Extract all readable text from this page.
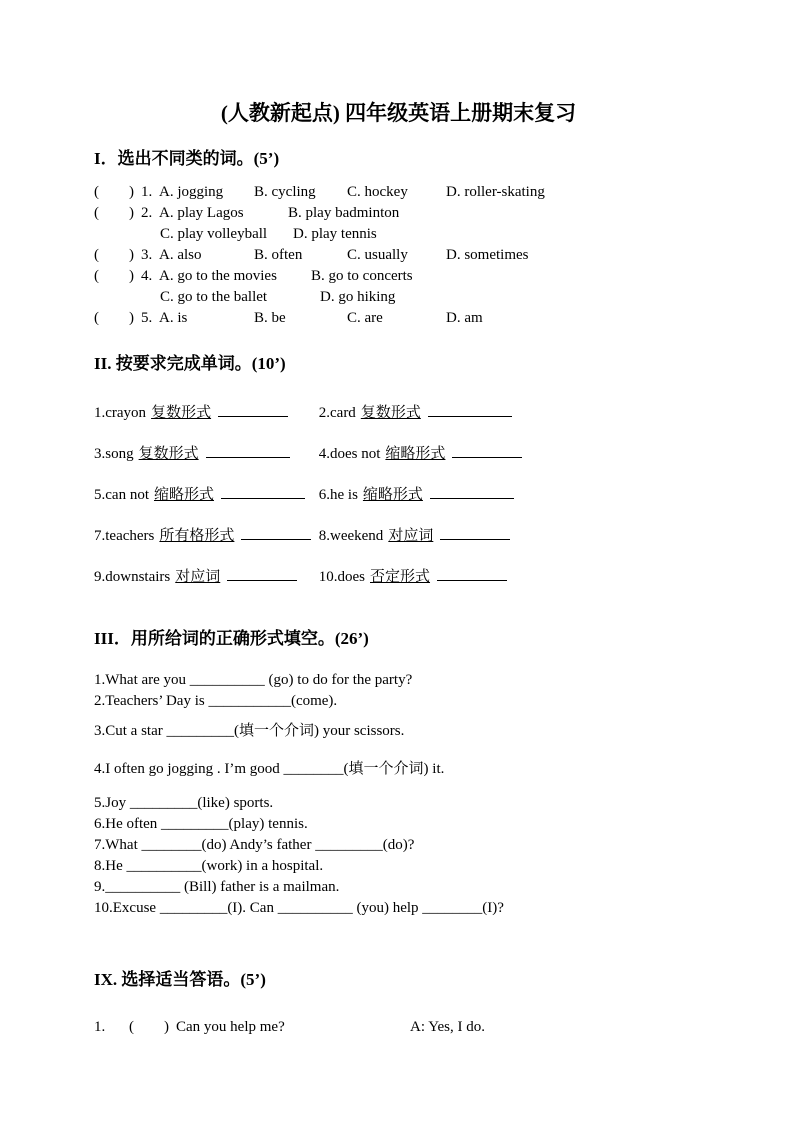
(人教新起点) 四年级英语上册期末复习
I．选出不同类的词。(5’)
(        ) 1. A. jogging	B. cycling	C. hockey	D. roller-skating
(        ) 2. A. play Lagos	B. play badminton
C. play volleyball	D. play tennis
(        ) 3. A. also	B. often	C. usually	D. sometimes
(        ) 4. A. go to the movies	B. go to concerts
C. go to the ballet	D. go hiking
(        ) 5. A. is	B. be	C. are	D. am
II. 按要求完成单词。(10’)
1.crayon 复数形式	2.card 复数形式
3.song 复数形式	4.does not 缩略形式
5.can not 缩略形式	6.he is 缩略形式
7.teachers 所有格形式	8.weekend 对应词
9.downstairs 对应词	10.does 否定形式
III．用所给词的正确形式填空。(26’)
1.What are you __________ (go) to do for the party?
2.Teachers’ Day is ___________(come).
3.Cut a star _________(填一个介词) your scissors.
4.I often go jogging . I’m good ________(填一个介词) it.
5.Joy _________(like) sports.
6.He often _________(play) tennis.
7.What ________(do) Andy’s father _________(do)?
8.He __________(work) in a hospital.
9.__________ (Bill) father is a mailman.
10.Excuse _________(I). Can __________ (you) help ________(I)?
IX. 选择适当答语。(5’)
1.	(        ) Can you help me?	A: Yes, I do.
